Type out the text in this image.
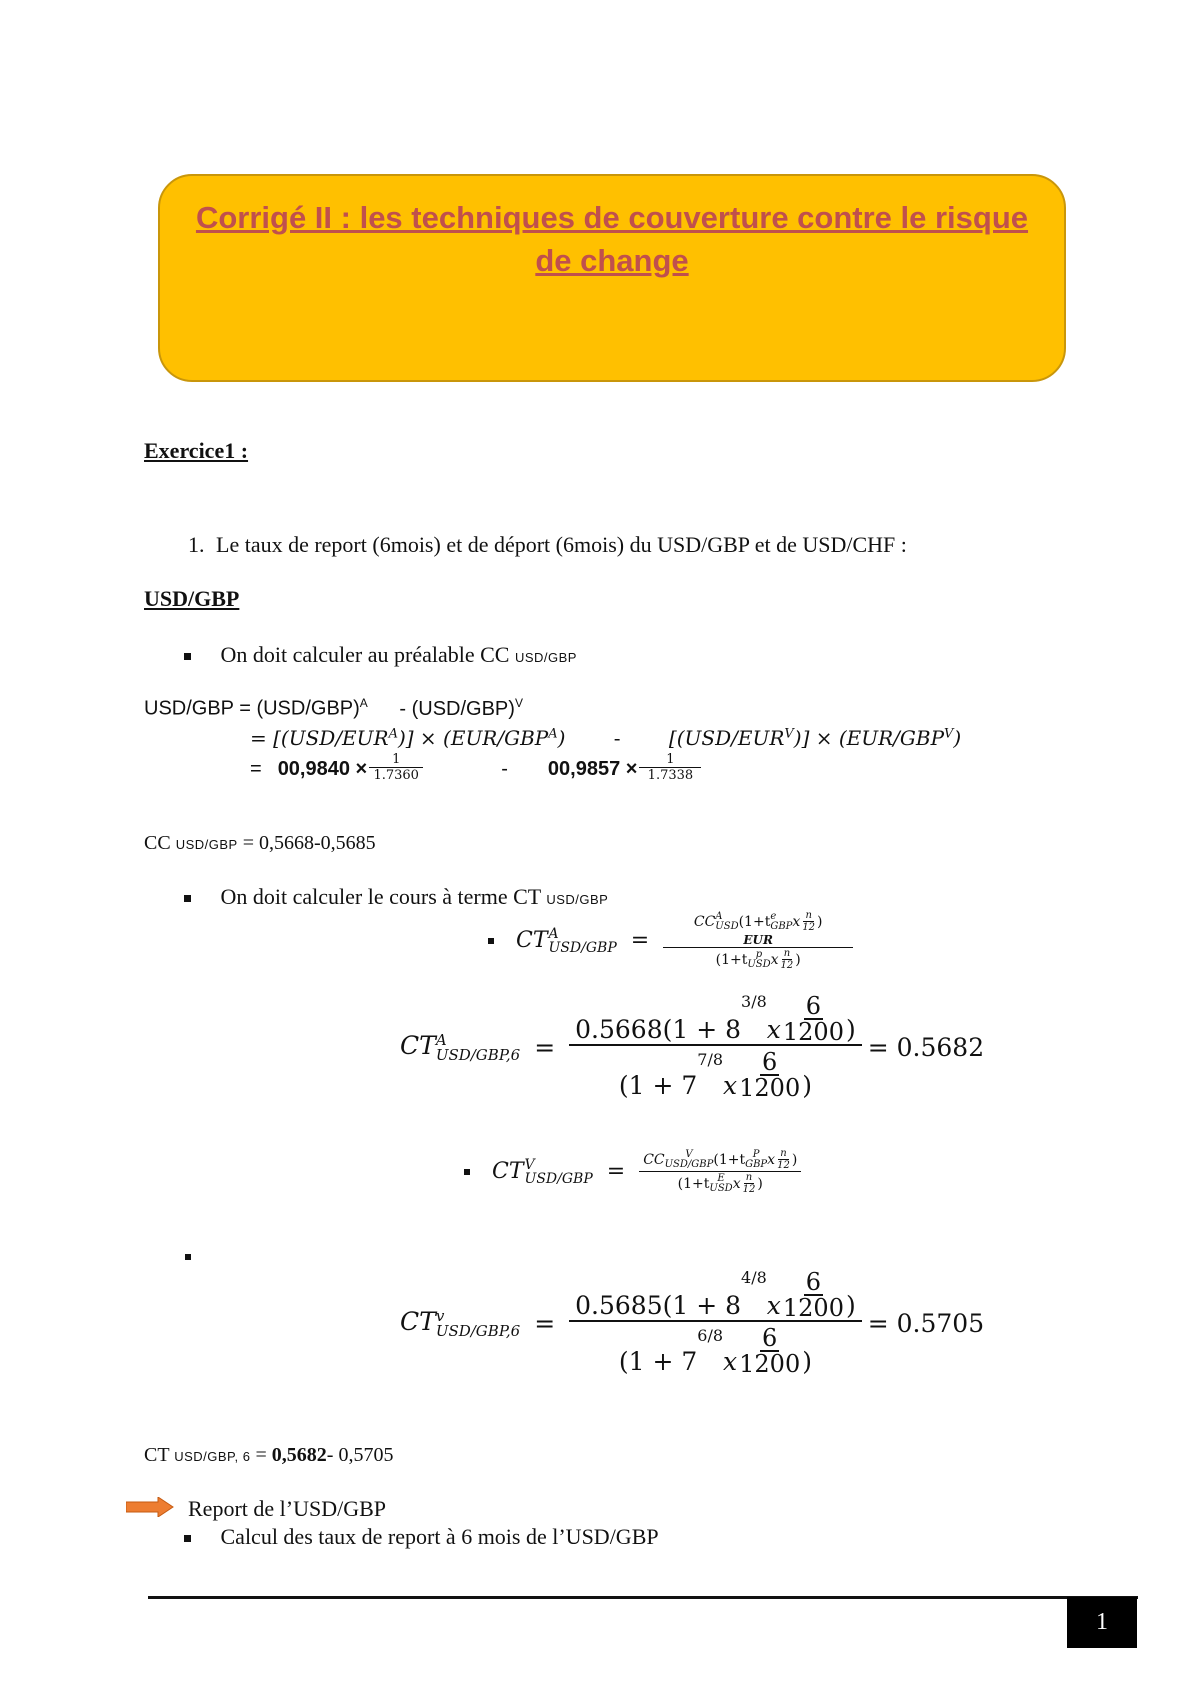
Corrigé II : les techniques de couverture contre le risque
de change
Exercice1 :
1. Le taux de report (6mois) et de déport (6mois) du USD/GBP et de USD/CHF :
USD/GBP
On doit calculer au préalable CC USD/GBP
$USD/GBP = (USD/GBP)^A - (USD/GBP)^V$
= $[(USD/EUR^A)] \times (EUR/GBP^A) - [(USD/EUR^V)] \times (EUR/GBP^V)$
= $00,9840 \times \frac{1}{1.7360}$	- $00,9857 \times \frac{1}{1.7338}$
CC USD/GBP = 0,5668-0,5685
On doit calculer le cours à terme CT USD/GBP
CT A
USD/GBP =
CC A
USD (1+t e
GBP x $\frac{n}{12}$ )
EUR
(1+t p
USD x $\frac{n}{12}$ )
CT A
USD/GBP,6 = 0.5668(1 + 8
3/8
x $\frac{6}{1200}$ )
(1 + 7
7/8
x $\frac{6}{1200}$ ) = 0.5682
CT V
USD/GBP = CC	V
USD/GBP (1+t P
GBP x $\frac{n}{12}$ )
(1+t E
USD x $\frac{n}{12}$ )
CT v
USD/GBP,6 = 0.5685(1 + 8
4/8
x $\frac{6}{1200}$ )
(1 + 7
6/8
x $\frac{6}{1200}$ ) = 0.5705
CT USD/GBP, 6 = 0,5682- 0,5705
Report de l’USD/GBP
Calcul des taux de report à 6 mois de l’USD/GBP
1
